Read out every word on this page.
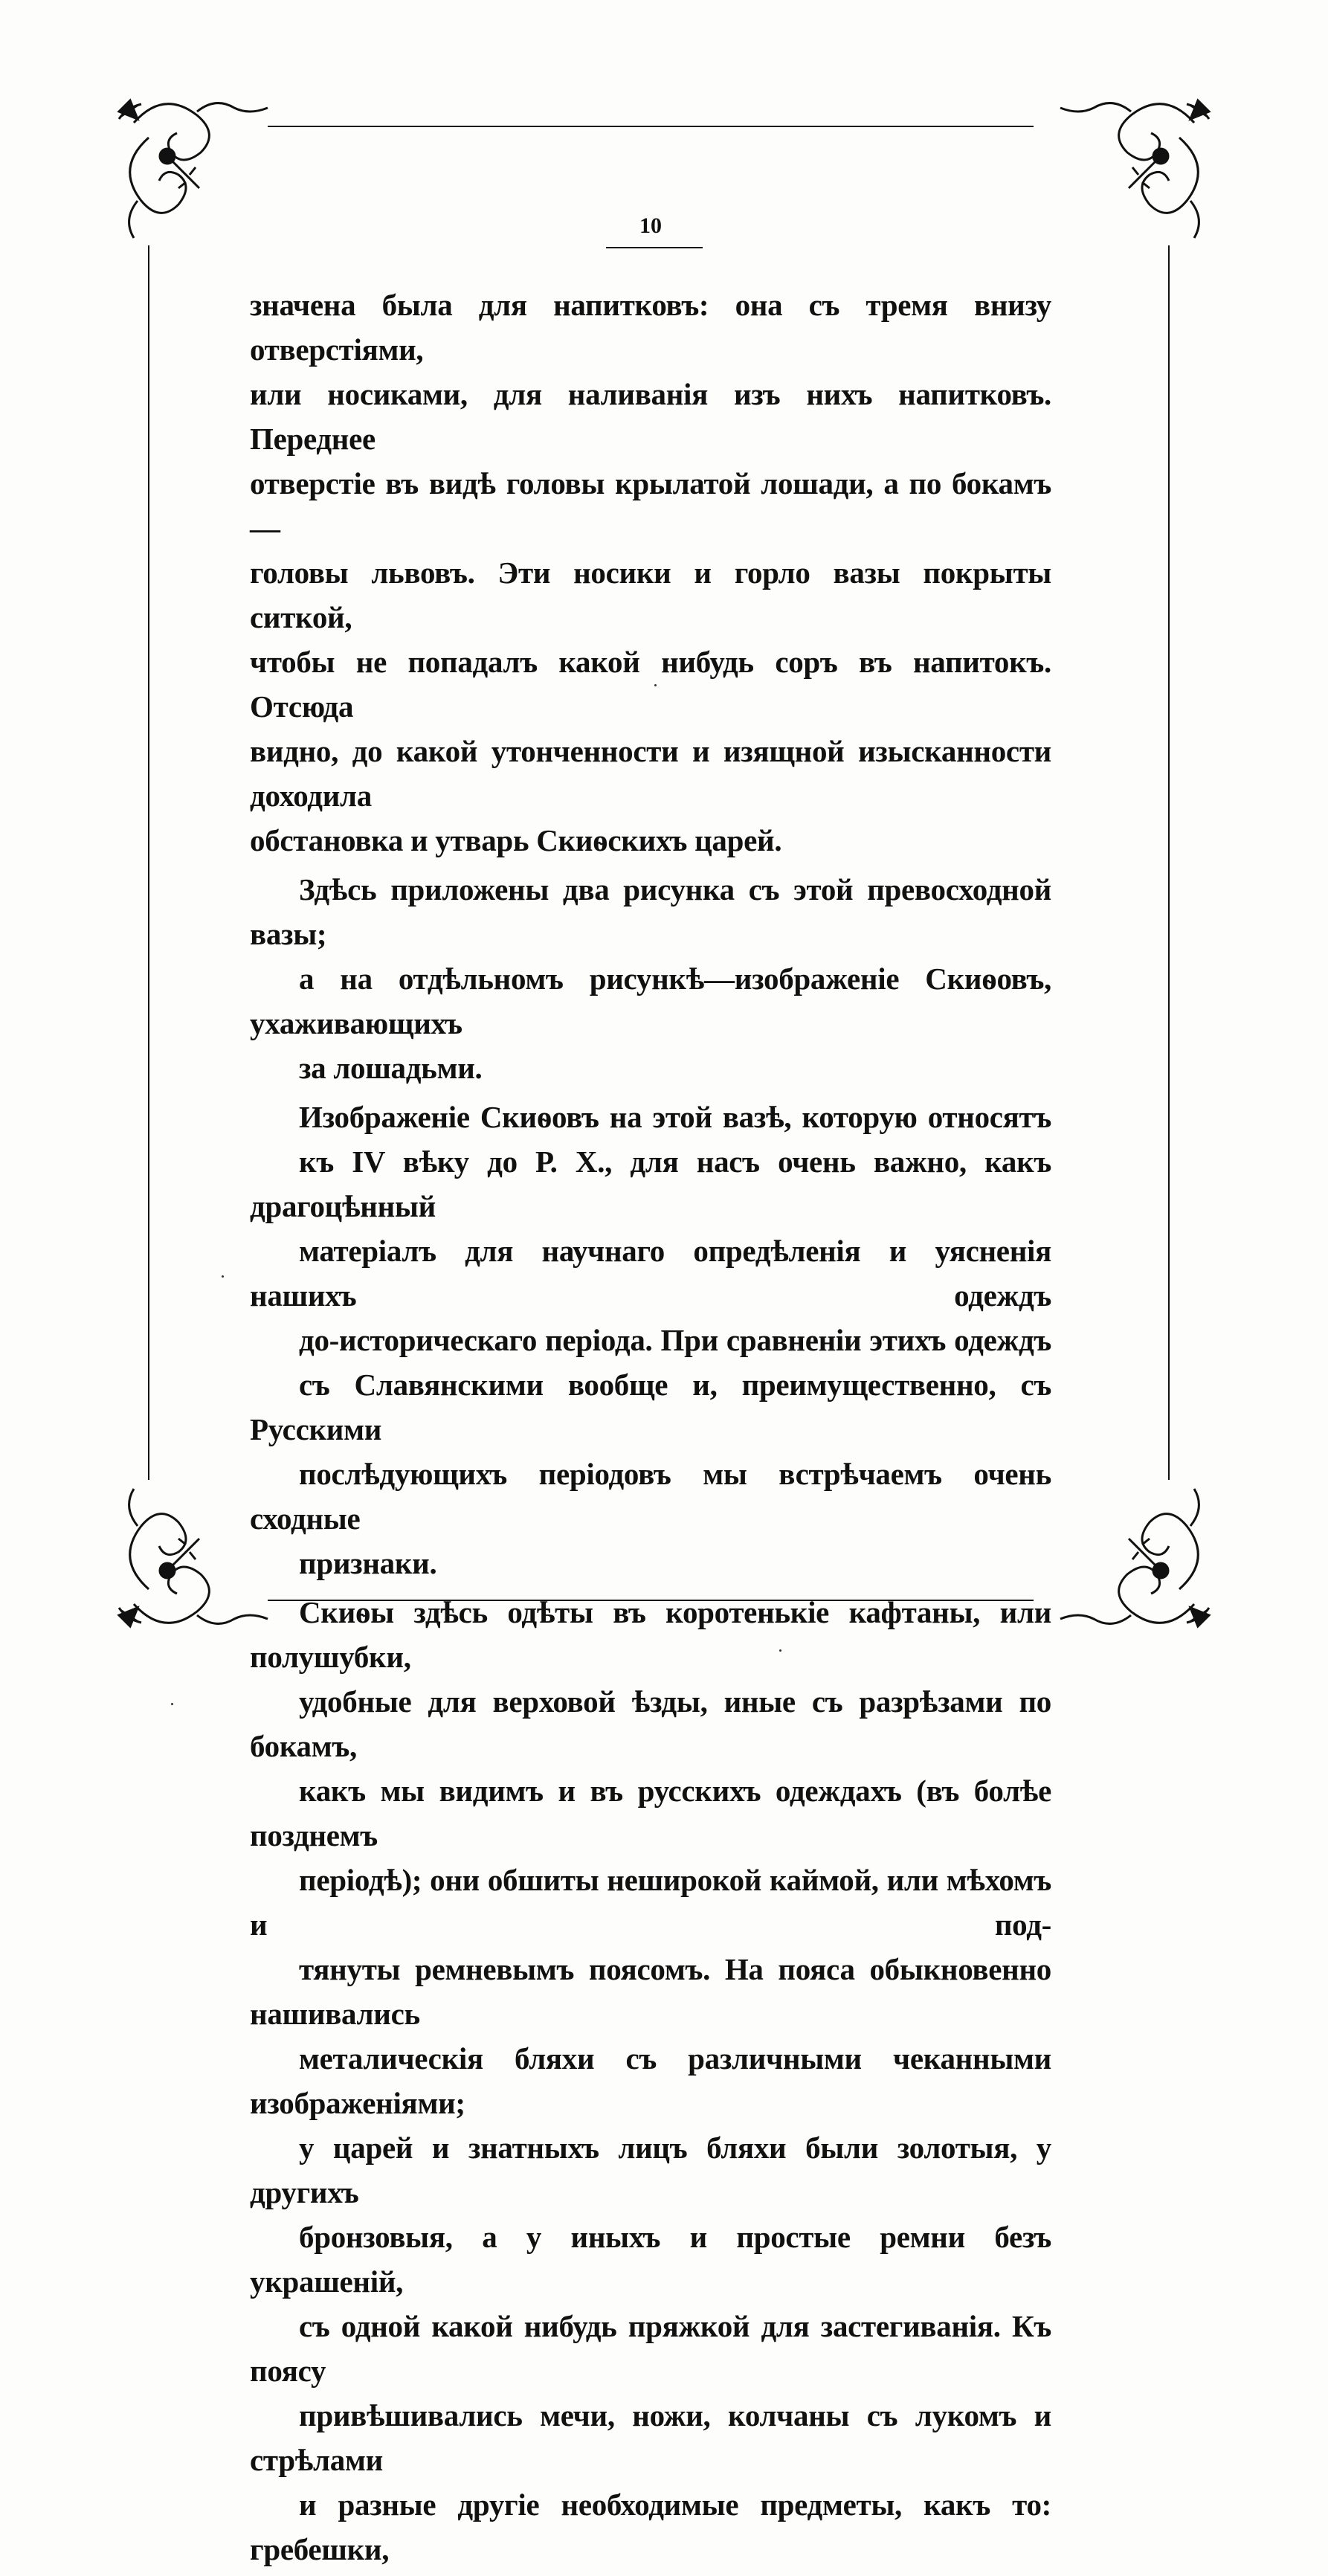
10

значена была для напитковъ: она съ тремя внизу отверстіями,
или носиками, для наливанія изъ нихъ напитковъ. Переднее
отверстіе въ видѣ головы крылатой лошади, а по бокамъ —
головы львовъ. Эти носики и горло вазы покрыты ситкой,
чтобы не попадалъ какой нибудь соръ въ напитокъ. Отсюда
видно, до какой утонченности и изящной изысканности доходила
обстановка и утварь Скиѳскихъ царей.

Здѣсь приложены два рисунка съ этой превосходной вазы;
а на отдѣльномъ рисункѣ—изображеніе Скиѳовъ, ухаживающихъ
за лошадьми.

Изображеніе Скиѳовъ на этой вазѣ, которую относятъ
къ IV вѣку до Р. Х., для насъ очень важно, какъ драгоцѣнный
матеріалъ для научнаго опредѣленія и уясненія нашихъ одеждъ
до-историческаго періода. При сравненіи этихъ одеждъ
съ Славянскими вообще и, преимущественно, съ Русскими
послѣдующихъ періодовъ мы встрѣчаемъ очень сходные
признаки.

Скиѳы здѣсь одѣты въ коротенькіе кафтаны, или полушубки,
удобные для верховой ѣзды, иные съ разрѣзами по бокамъ,
какъ мы видимъ и въ русскихъ одеждахъ (въ болѣе позднемъ
періодѣ); они обшиты неширокой каймой, или мѣхомъ и под-
тянуты ремневымъ поясомъ. На пояса обыкновенно нашивались
металическія бляхи съ различными чеканными изображеніями;
у царей и знатныхъ лицъ бляхи были золотыя, у другихъ
бронзовыя, а у иныхъ и простые ремни безъ украшеній,
съ одной какой нибудь пряжкой для застегиванія. Къ поясу
привѣшивались мечи, ножи, колчаны съ лукомъ и стрѣлами
и разные другіе необходимые предметы, какъ то: гребешки,
